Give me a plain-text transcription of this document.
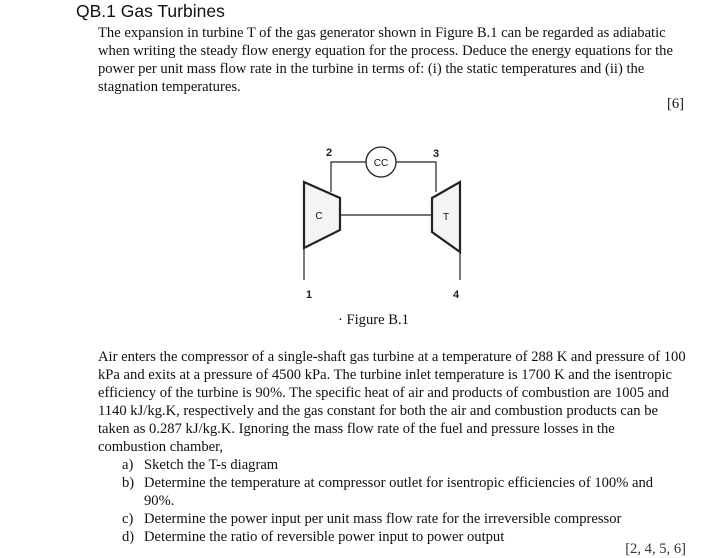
QB.1 Gas Turbines
The expansion in turbine T of the gas generator shown in Figure B.1 can be regarded as adiabatic when writing the steady flow energy equation for the process. Deduce the energy equations for the power per unit mass flow rate in the turbine in terms of: (i) the static temperatures and (ii) the stagnation temperatures.
[6]
CC
C	T
1
2	3
4
· Figure B.1
Air enters the compressor of a single-shaft gas turbine at a temperature of 288 K and pressure of 100 kPa and exits at a pressure of 4500 kPa. The turbine inlet temperature is 1700 K and the isentropic efficiency of the turbine is 90%. The specific heat of air and products of combustion are 1005 and 1140 kJ/kg.K, respectively and the gas constant for both the air and combustion products can be taken as 0.287 kJ/kg.K. Ignoring the mass flow rate of the fuel and pressure losses in the combustion chamber,
a) Sketch the T-s diagram
b) Determine the temperature at compressor outlet for isentropic efficiencies of 100% and 90%.
c) Determine the power input per unit mass flow rate for the irreversible compressor
d) Determine the ratio of reversible power input to power output
[2, 4, 5, 6]
